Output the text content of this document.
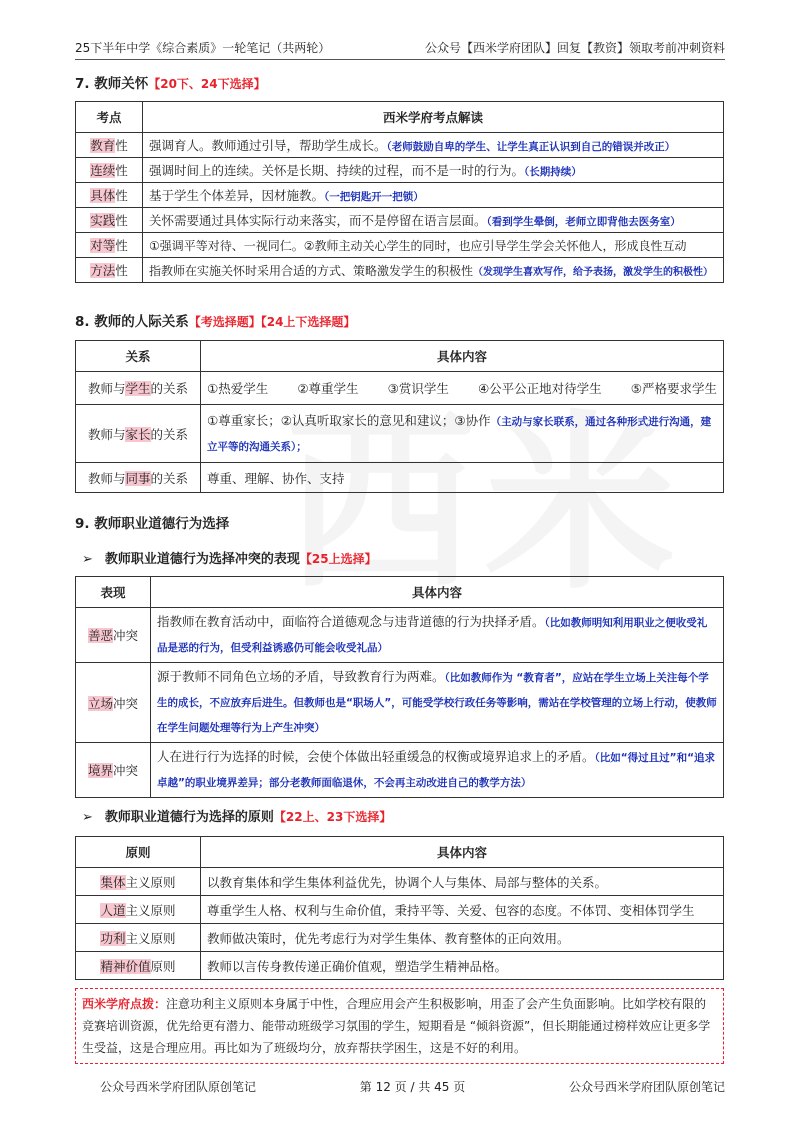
25下半年中学《综合素质》一轮笔记（共两轮）	公众号【西米学府团队】回复【教资】领取考前冲刺资料
7. 教师关怀【20下、24下选择】
考点	西米学府考点解读
教育性	强调育人。教师通过引导，帮助学生成长。（老师鼓励自卑的学生、让学生真正认识到自己的错误并改正）
连续性	强调时间上的连续。关怀是长期、持续的过程，而不是一时的行为。（长期持续）
具体性	基于学生个体差异，因材施教。（一把钥匙开一把锁）
实践性	关怀需要通过具体实际行动来落实，而不是停留在语言层面。（看到学生晕倒，老师立即背他去医务室）
对等性	①强调平等对待、一视同仁。②教师主动关心学生的同时，也应引导学生学会关怀他人，形成良性互动
方法性	指教师在实施关怀时采用合适的方式、策略激发学生的积极性（发现学生喜欢写作，给予表扬，激发学生的积极性）
8. 教师的人际关系【考选择题】【24上下选择题】
关系	具体内容
教师与学生的关系	①热爱学生 ②尊重学生 ③赏识学生 ④公平公正地对待学生 ⑤严格要求学生

教师与家长的关系	①尊重家长；②认真听取家长的意见和建议；③协作（主动与家长联系，通过各种形式进行沟通，建立平等的沟通关系）；
教师与同事的关系	尊重、理解、协作、支持
9. 教师职业道德行为选择
➢ 教师职业道德行为选择冲突的表现【25上选择】
表现	具体内容
善恶冲突	指教师在教育活动中，面临符合道德观念与违背道德的行为抉择矛盾。（比如教师明知利用职业之便收受礼品是恶的行为，但受利益诱惑仍可能会收受礼品）
立场冲突	源于教师不同角色立场的矛盾，导致教育行为两难。（比如教师作为 “教育者”，应站在学生立场上关注每个学生的成长，不应放弃后进生。但教师也是“职场人”，可能受学校行政任务等影响，需站在学校管理的立场上行动，使教师在学生问题处理等行为上产生冲突）
境界冲突	人在进行行为选择的时候，会使个体做出轻重缓急的权衡或境界追求上的矛盾。（比如“得过且过”和“追求卓越”的职业境界差异；部分老教师面临退休，不会再主动改进自己的教学方法）
➢ 教师职业道德行为选择的原则【22上、23下选择】
原则	具体内容
集体主义原则	以教育集体和学生集体利益优先，协调个人与集体、局部与整体的关系。
人道主义原则	尊重学生人格、权利与生命价值，秉持平等、关爱、包容的态度。不体罚、变相体罚学生
功利主义原则	教师做决策时，优先考虑行为对学生集体、教育整体的正向效用。
精神价值原则	教师以言传身教传递正确价值观，塑造学生精神品格。
西米学府点拨：注意功利主义原则本身属于中性，合理应用会产生积极影响，用歪了会产生负面影响。比如学校有限的竞赛培训资源，优先给更有潜力、能带动班级学习氛围的学生，短期看是 “倾斜资源”，但长期能通过榜样效应让更多学生受益，这是合理应用。再比如为了班级均分，放弃帮扶学困生，这是不好的利用。
公众号西米学府团队原创笔记	第 12 页 / 共 45 页	公众号西米学府团队原创笔记
